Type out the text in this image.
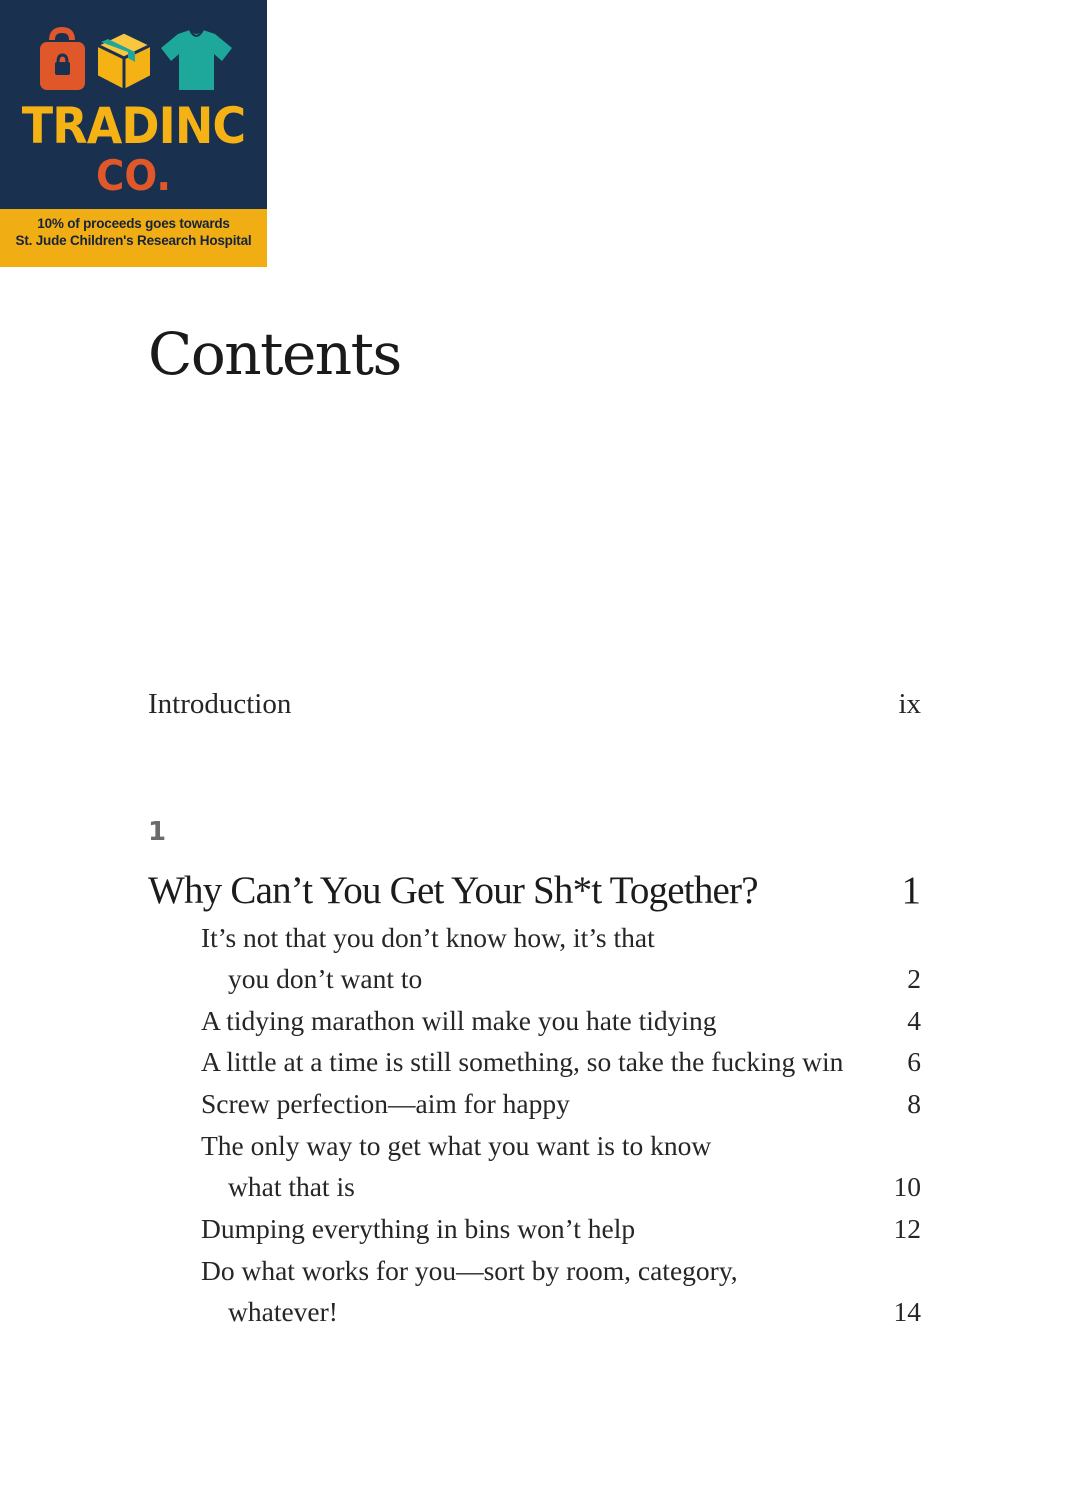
TRADINC
CO.
10% of proceeds goes towards
St. Jude Children's Research Hospital
Contents
Introduction	ix
1
Why Can’t You Get Your Sh*t Together?	1
It’s not that you don’t know how, it’s that
you don’t want to	2
A tidying marathon will make you hate tidying	4
A little at a time is still something, so take the fucking win 6
Screw perfection—aim for happy	8
The only way to get what you want is to know
what that is	10
Dumping everything in bins won’t help	12
Do what works for you—sort by room, category,
whatever!	14
